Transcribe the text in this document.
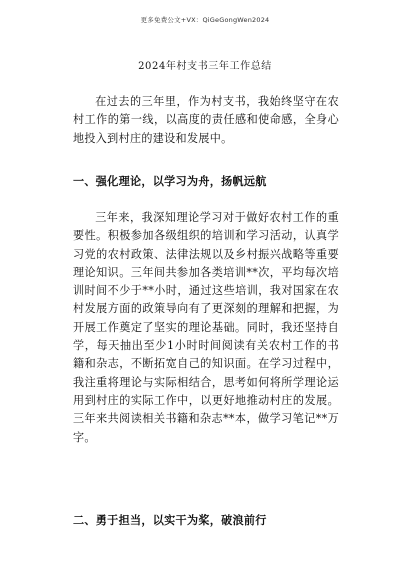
更多免费公文+VX：QiGeGongWen2024
2024年村支书三年工作总结

在过去的三年里，作为村支书，我始终坚守在农村工作的第一线，以高度的责任感和使命感，全身心地投入到村庄的建设和发展中。

一、强化理论，以学习为舟，扬帆远航

三年来，我深知理论学习对于做好农村工作的重要性。积极参加各级组织的培训和学习活动，认真学习党的农村政策、法律法规以及乡村振兴战略等重要理论知识。三年间共参加各类培训**次，平均每次培训时间不少于**小时，通过这些培训，我对国家在农村发展方面的政策导向有了更深刻的理解和把握，为开展工作奠定了坚实的理论基础。同时，我还坚持自学，每天抽出至少1小时时间阅读有关农村工作的书籍和杂志，不断拓宽自己的知识面。在学习过程中，我注重将理论与实际相结合，思考如何将所学理论运用到村庄的实际工作中，以更好地推动村庄的发展。三年来共阅读相关书籍和杂志**本，做学习笔记**万字。

二、勇于担当，以实干为桨，破浪前行
